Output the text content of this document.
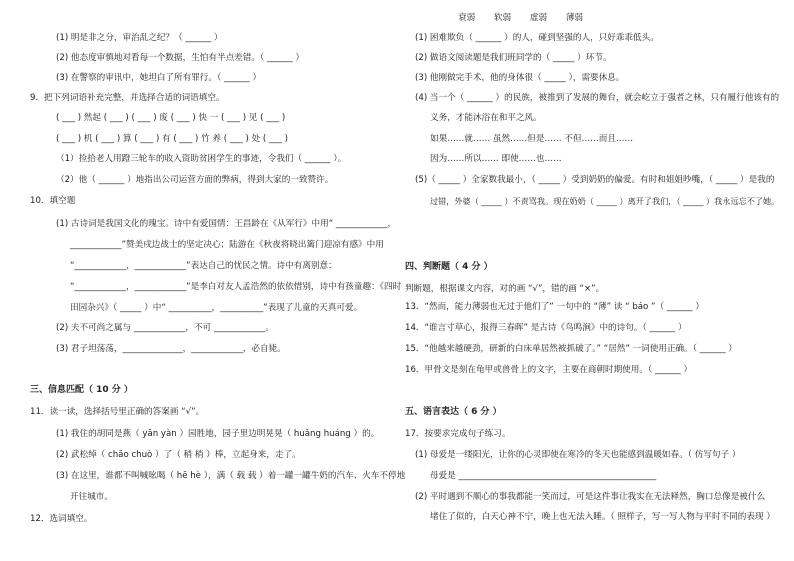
(1) 明是非之分，审治乱之纪？（ ______ ）
(2) 他态度审慎地对看每一个数据，生怕有半点差错。（ ______ ）
(3) 在警察的审讯中，她坦白了所有罪行。（ ______ ）
9．把下列词语补充完整，并选择合适的词语填空。
( ___ ) 然起 ( ___ ) ( ___ ) 废 ( ___ ) 快 一 ( ___ ) 见 ( ___ )
( ___ ) 机 ( ___ ) 算 ( ___ ) 有 ( ___ ) 竹 养 ( ___ ) 处 ( ___ )
（1）捡拾老人用蹬三轮车的收入资助贫困学生的事迹，令我们（ ______ ）。
（2）他（ ______ ）地指出公司运营方面的弊病，得到大家的一致赞许。
10．填空题
(1) 古诗词是我国文化的瑰宝。诗中有爱国情：王昌龄在《从军行》中用“ ____________，
____________”赞美戍边战士的坚定决心；陆游在《秋夜将晓出篱门迎凉有感》中用
“____________，____________”表达自己的忧民之情。诗中有离别意：
“____________，____________”是李白对友人孟浩然的依依惜别，诗中有孩童趣：《四时
田园杂兴》（ _____ ）中“ __________，__________”表现了儿童的天真可爱。
(2) 夫不可尚之属与 ____________，不可 ____________。
(3) 君子坦荡荡，______________，____________，必自毙。
三、信息匹配（ 10 分 ）
11．读一读，选择括号里正确的答案画 “√”。
(1) 我住的胡同是燕（ yān yàn ）园胜地，园子里边明晃晃（ huǎng huáng ）的。
(2) 武松绰（ chāo chuò ）了（ 稍 梢 ）棒，立起身来，走了。
(3) 在这里，谁都不叫喊吆喝（ hē hè ），满（ 载 载 ）着一罐一罐牛奶的汽车、火车不停地
开往城市。
12．选词填空。
衰弱 软弱 虚弱 薄弱
(1) 困难欺负（ ______ ）的人，碰到坚强的人，只好乖乖低头。
(2) 做语文阅读题是我们班同学的（ _____ ）环节。
(3) 他刚做完手术，他的身体很（ _____ ），需要休息。
(4) 当一个（ ______ ）的民族，被推到了发展的舞台，就会屹立于强者之林，只有履行他该有的
义务，才能沐浴在和平之风。
如果……就…… 虽然……但是…… 不但……而且……
因为……所以…… 即使……也……
(5)（ _____ ）全家数我最小，（ _____ ）受到奶奶的偏爱。有时和姐姐吵嘴，（ _____ ）是我的
过错，外婆（ _____ ）不责骂我。现在奶奶（ _____ ）离开了我们，（ _____ ）我永远忘不了她。
四、判断题（ 4 分 ）
判断题，根据课文内容，对的画 “√”，错的画 “×”。
13．“然而，能力薄弱也无过于他们了” 一句中的 “薄” 读 “ báo ”（ ______ ）
14．“谁言寸草心，报得三春晖” 是古诗《鸟鸣涧》中的诗句。（ ______ ）
15．“他越来越硬劲，研新的白床单居然被抓破了。” “居然” 一词使用正确。（ ______ ）
16．甲骨文是刻在龟甲或兽骨上的文字，主要在商朝时期使用。（ ______ ）
五、语言表达（ 6 分 ）
17．按要求完成句子练习。
(1) 母爱是一缕阳光，让你的心灵即使在寒冷的冬天也能感到温暖如春。（ 仿写句子 ）
母爱是 ______________________________________________
(2) 平时遇到不顺心的事我都能一笑而过，可是这件事让我实在无法释然，胸口总像是被什么
堵住了似的，白天心神不宁，晚上也无法入睡。（ 照样子，写一写人物与平时不同的表现 ）
